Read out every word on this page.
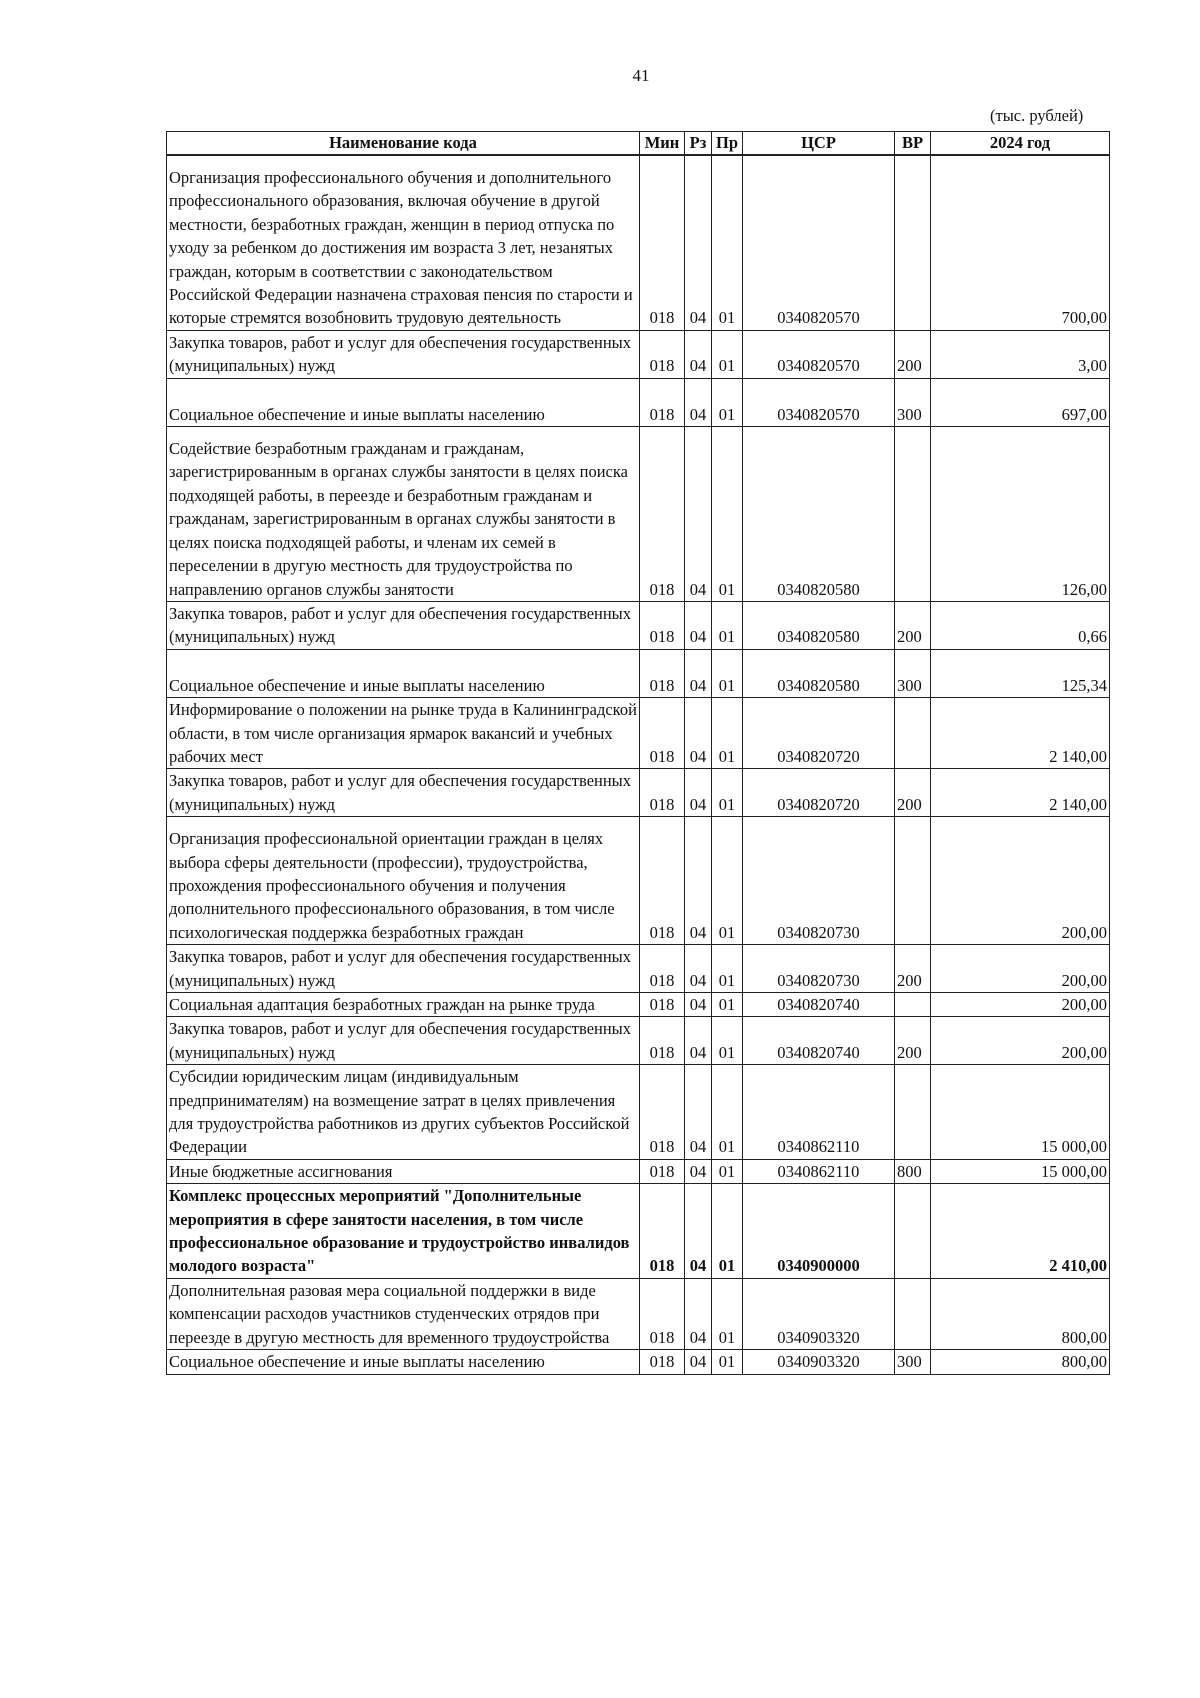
41
(тыс. рублей)
Наименование кода	Мин	Рз	Пр	ЦСР	ВР	2024 год
Организация профессионального обучения и дополнительного профессионального образования, включая обучение в другой местности, безработных граждан, женщин в период отпуска по уходу за ребенком до достижения им возраста 3 лет, незанятых граждан, которым в соответствии с законодательством Российской Федерации назначена страховая пенсия по старости и которые стремятся возобновить трудовую деятельность	018	04	01	0340820570		700,00
Закупка товаров, работ и услуг для обеспечения государственных (муниципальных) нужд	018	04	01	0340820570	200	3,00
Социальное обеспечение и иные выплаты населению	018	04	01	0340820570	300	697,00
Содействие безработным гражданам и гражданам, зарегистрированным в органах службы занятости в целях поиска подходящей работы, в переезде и безработным гражданам и гражданам, зарегистрированным в органах службы занятости в целях поиска подходящей работы, и членам их семей в переселении в другую местность для трудоустройства по направлению органов службы занятости	018	04	01	0340820580		126,00
Закупка товаров, работ и услуг для обеспечения государственных (муниципальных) нужд	018	04	01	0340820580	200	0,66
Социальное обеспечение и иные выплаты населению	018	04	01	0340820580	300	125,34
Информирование о положении на рынке труда в Калининградской области, в том числе организация ярмарок вакансий и учебных рабочих мест	018	04	01	0340820720		2 140,00
Закупка товаров, работ и услуг для обеспечения государственных (муниципальных) нужд	018	04	01	0340820720	200	2 140,00
Организация профессиональной ориентации граждан в целях выбора сферы деятельности (профессии), трудоустройства, прохождения профессионального обучения и получения дополнительного профессионального образования, в том числе психологическая поддержка безработных граждан	018	04	01	0340820730		200,00
Закупка товаров, работ и услуг для обеспечения государственных (муниципальных) нужд	018	04	01	0340820730	200	200,00
Социальная адаптация безработных граждан на рынке труда	018	04	01	0340820740		200,00
Закупка товаров, работ и услуг для обеспечения государственных (муниципальных) нужд	018	04	01	0340820740	200	200,00
Субсидии юридическим лицам (индивидуальным предпринимателям) на возмещение затрат в целях привлечения для трудоустройства работников из других субъектов Российской Федерации	018	04	01	0340862110		15 000,00
Иные бюджетные ассигнования	018	04	01	0340862110	800	15 000,00
Комплекс процессных мероприятий "Дополнительные мероприятия в сфере занятости населения, в том числе профессиональное образование и трудоустройство инвалидов молодого возраста"	018	04	01	0340900000		2 410,00
Дополнительная разовая мера социальной поддержки в виде компенсации расходов участников студенческих отрядов при переезде в другую местность для временного трудоустройства	018	04	01	0340903320		800,00
Социальное обеспечение и иные выплаты населению	018	04	01	0340903320	300	800,00
